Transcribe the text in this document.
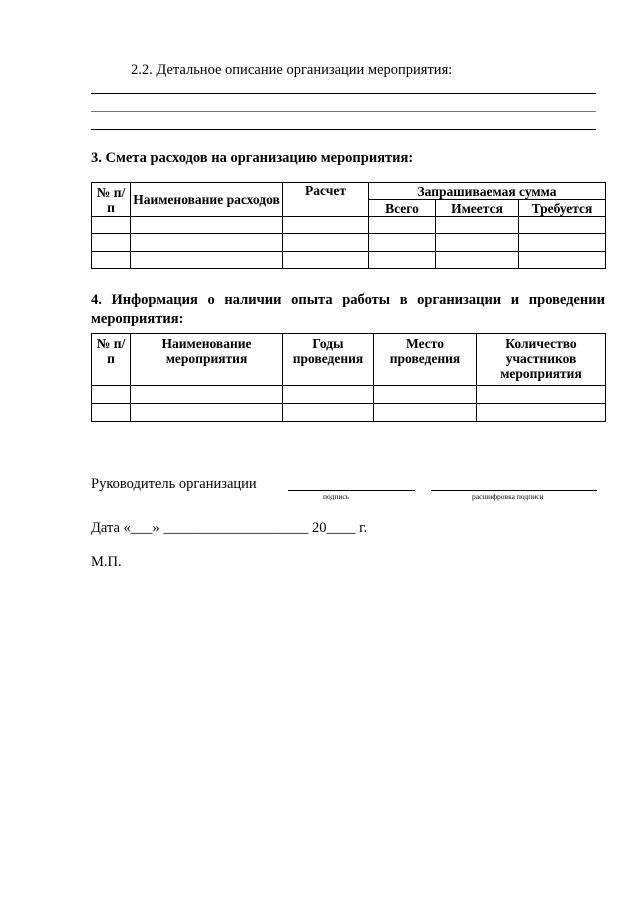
2.2. Детальное описание организации мероприятия:
3. Смета расходов на организацию мероприятия:
№ п/п	Наименование расходов	Расчет	Запрашиваемая сумма		
			Всего	Имеется	Требуется

4. Информация о наличии опыта работы в организации и проведении мероприятия:
№ п/п	Наименование мероприятия	Годы проведения	Место проведения	Количество участников мероприятия

Руководитель организации
подпись	расшифровка подписи
Дата «___» ____________________ 20____ г.
М.П.
